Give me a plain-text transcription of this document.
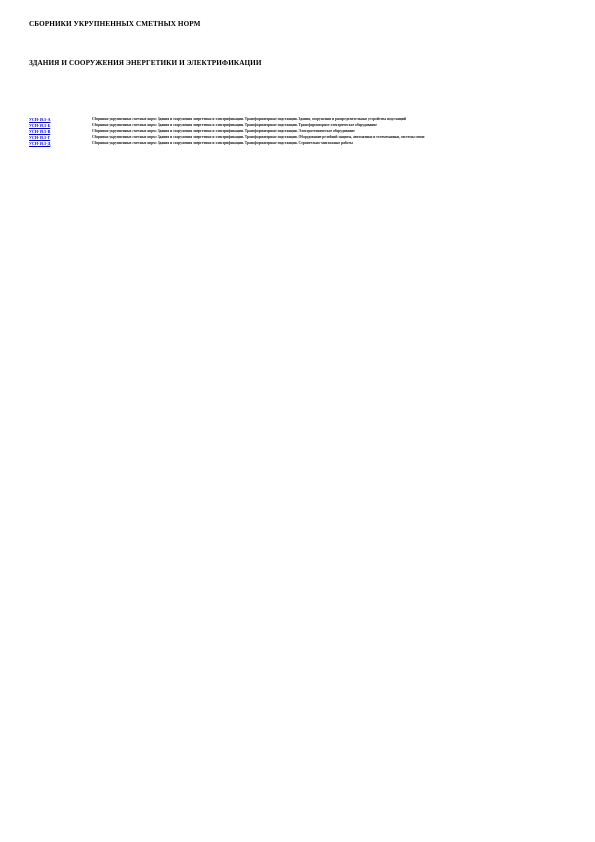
СБОРНИКИ УКРУПНЕННЫХ СМЕТНЫХ НОРМ
ЗДАНИЯ И СООРУЖЕНИЯ ЭНЕРГЕТИКИ И ЭЛЕКТРИФИКАЦИИ
УСН-19.5-А	Сборники укрупненных сметных норм: Здания и сооружения энергетики и электрификации. Трансформаторные подстанции. Здания, сооружения и распределительные устройства подстанций
УСН-19.5-Б	Сборники укрупненных сметных норм: Здания и сооружения энергетики и электрификации. Трансформаторные подстанции. Трансформаторное электрическое оборудование
УСН-19.5-В	Сборники укрупненных сметных норм: Здания и сооружения энергетики и электрификации. Трансформаторные подстанции. Электротехническое оборудование
УСН-19.5-Г	Сборники укрупненных сметных норм: Здания и сооружения энергетики и электрификации. Трансформаторные подстанции. Оборудование релейной защиты, автоматики и телемеханики, системы связи
УСН-19.5-Д	Сборники укрупненных сметных норм: Здания и сооружения энергетики и электрификации. Трансформаторные подстанции. Строительно-монтажные работы
